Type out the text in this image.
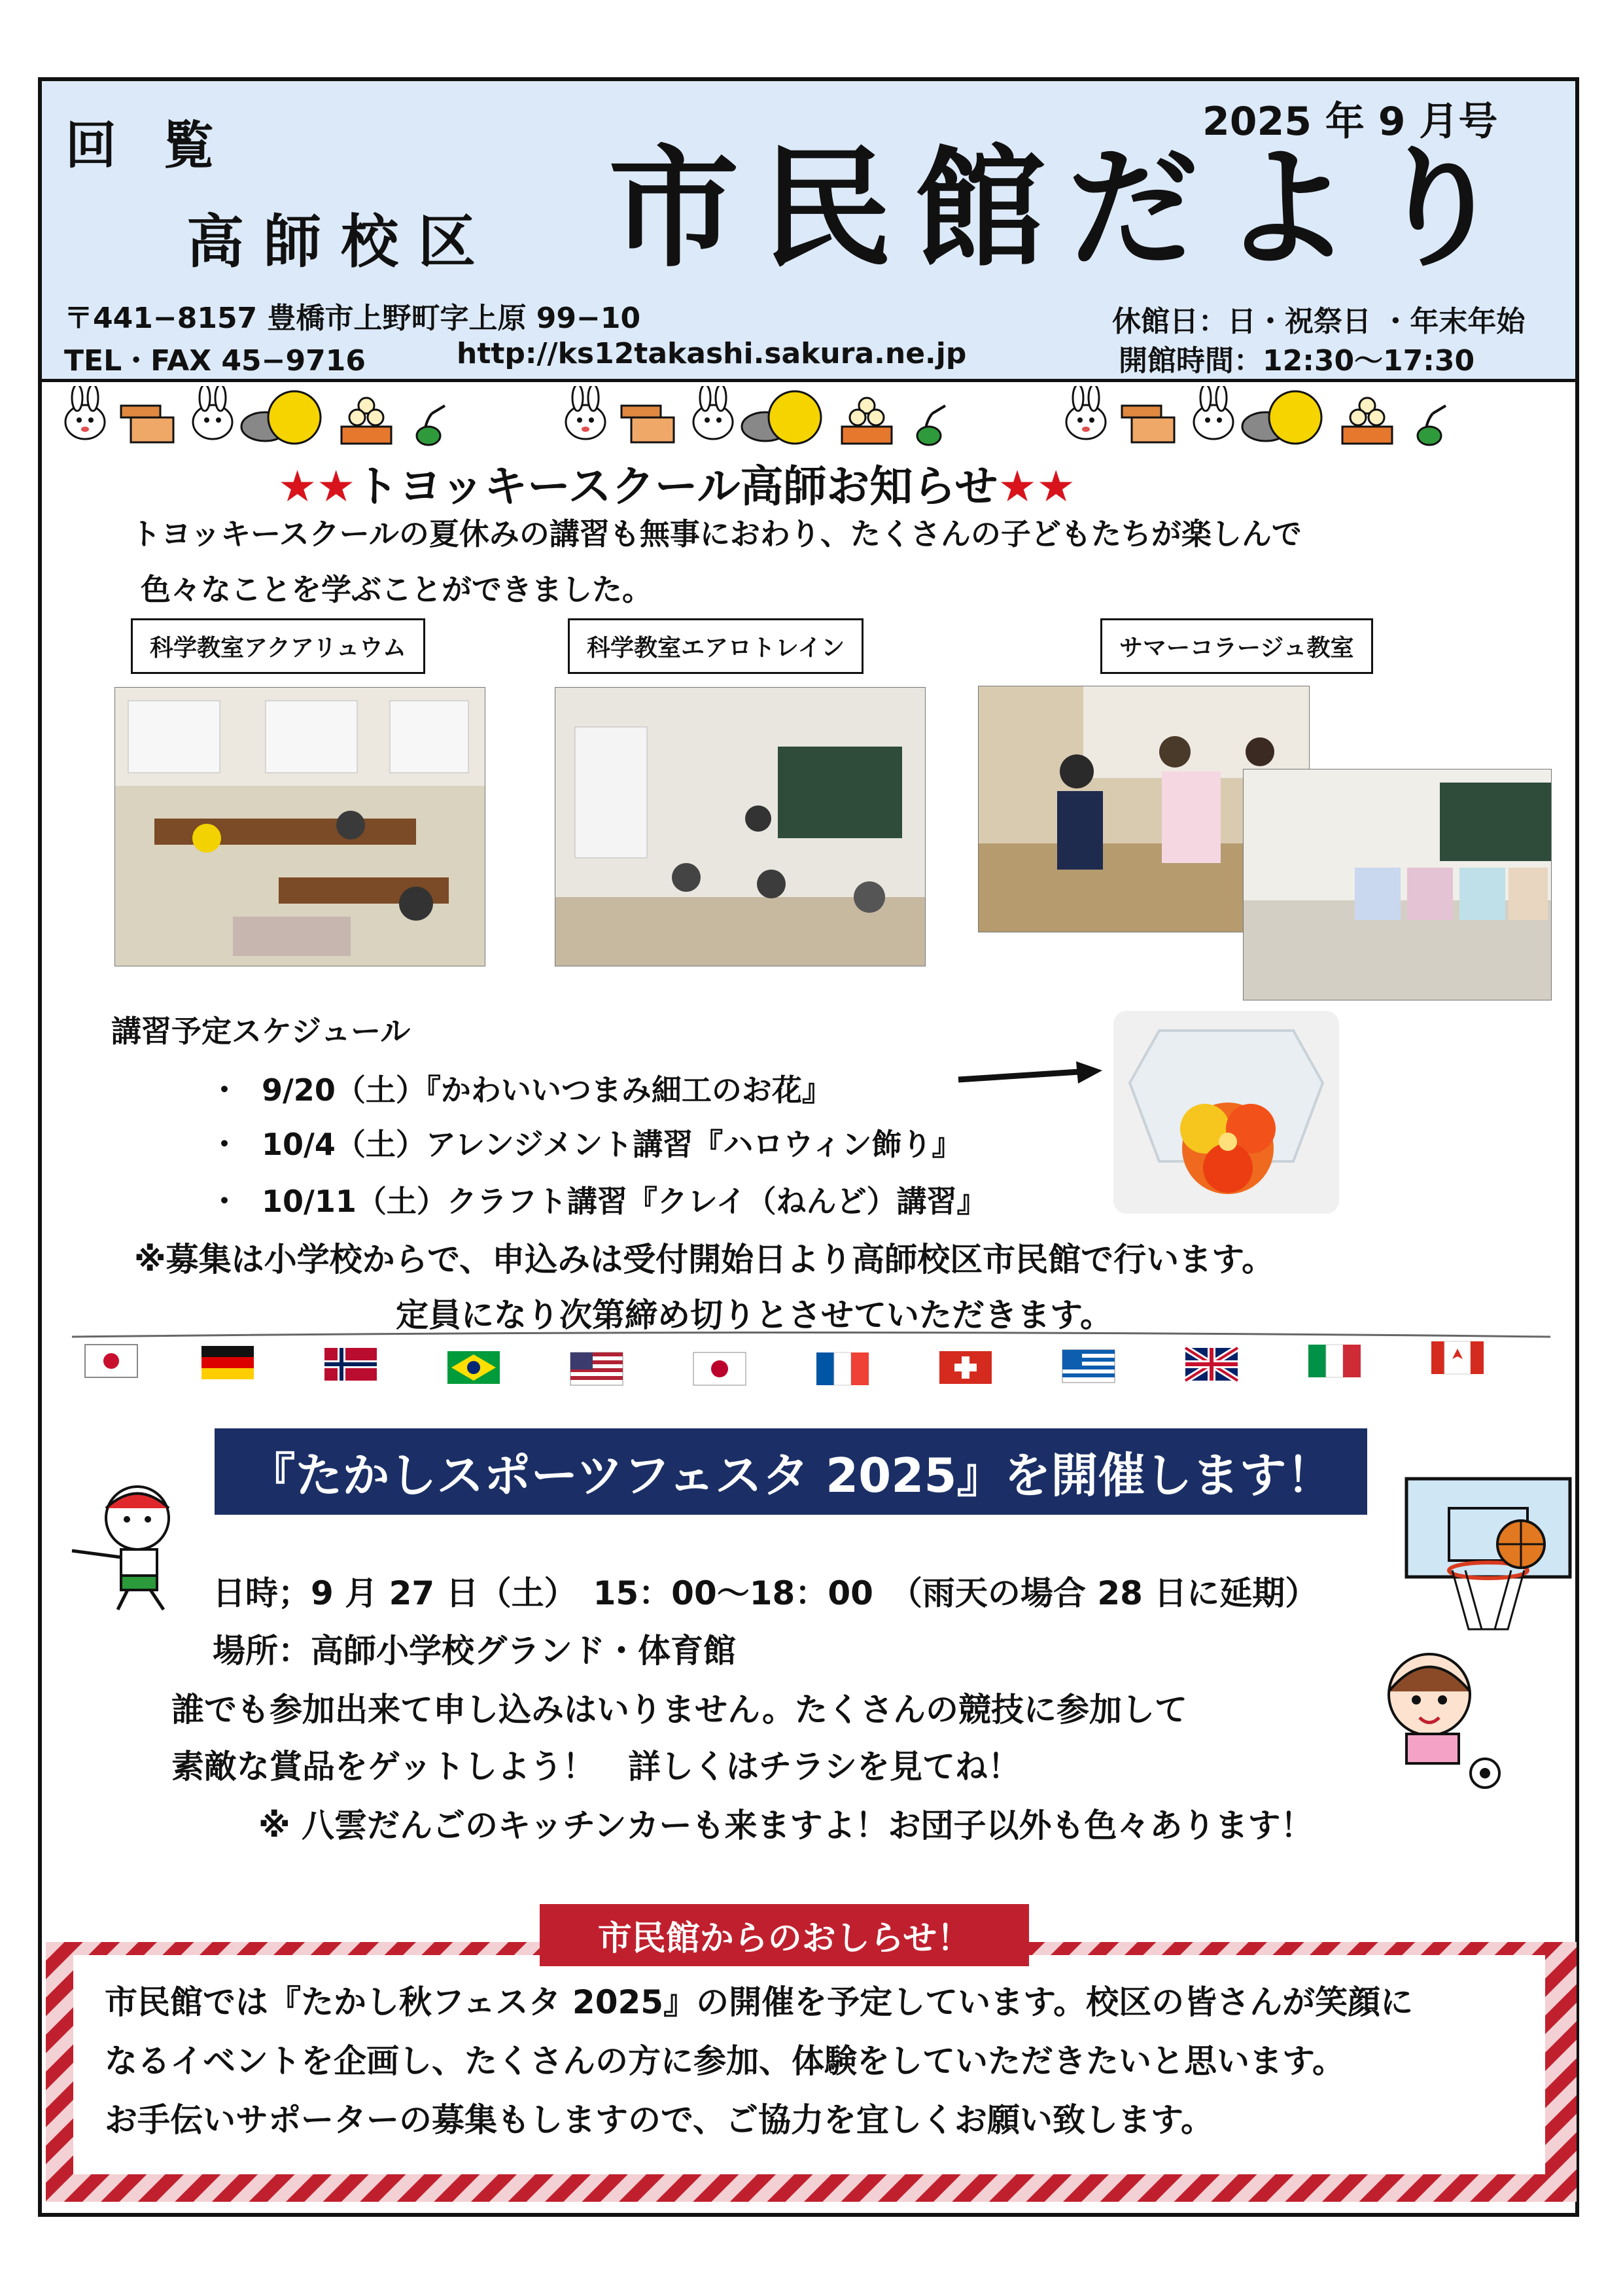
回 覧	2025 年 9 月号
高師校区 市民館だより
〒441−8157 豊橋市上野町字上原 99−10
TEL・FAX 45−9716	http://ks12takashi.sakura.ne.jp
休館日：日・祝祭日 ・年末年始
開館時間：12:30〜17:30
★★トヨッキースクール高師お知らせ★★
トヨッキースクールの夏休みの講習も無事におわり、たくさんの子どもたちが楽しんで
色々なことを学ぶことができました。
科学教室アクアリュウム	科学教室エアロトレイン	サマーコラージュ教室
講習予定スケジュール
・ 9/20（土）『かわいいつまみ細工のお花』
・ 10/4（土）アレンジメント講習『ハロウィン飾り』
・ 10/11（土）クラフト講習『クレイ（ねんど）講習』
※募集は小学校からで、申込みは受付開始日より高師校区市民館で行います。
定員になり次第締め切りとさせていただきます。
『たかしスポーツフェスタ 2025』を開催します！
日時；9 月 27 日（土）　15：00〜18：00　（雨天の場合 28 日に延期）
場所：高師小学校グランド・体育館
誰でも参加出来て申し込みはいりません。たくさんの競技に参加して
素敵な賞品をゲットしよう！　詳しくはチラシを見てね！
※ 八雲だんごのキッチンカーも来ますよ！お団子以外も色々あります！
市民館からのおしらせ！
市民館では『たかし秋フェスタ 2025』の開催を予定しています。校区の皆さんが笑顔に
なるイベントを企画し、たくさんの方に参加、体験をしていただきたいと思います。
お手伝いサポーターの募集もしますので、ご協力を宜しくお願い致します。
